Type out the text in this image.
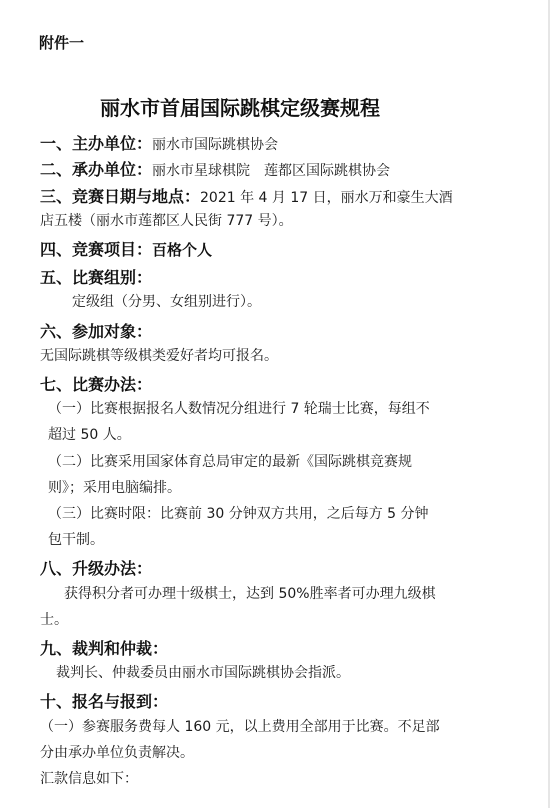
附件一
丽水市首届国际跳棋定级赛规程
一、主办单位：丽水市国际跳棋协会
二、承办单位：丽水市星球棋院　莲都区国际跳棋协会
三、竞赛日期与地点：2021 年 4 月 17 日，丽水万和豪生大酒
店五楼（丽水市莲都区人民街 777 号）。
四、竞赛项目：百格个人
五、比赛组别：
定级组（分男、女组别进行）。
六、参加对象：
无国际跳棋等级棋类爱好者均可报名。
七、比赛办法：
（一）比赛根据报名人数情况分组进行 7 轮瑞士比赛，每组不
超过 50 人。
（二）比赛采用国家体育总局审定的最新《国际跳棋竞赛规
则》；采用电脑编排。
（三）比赛时限：比赛前 30 分钟双方共用，之后每方 5 分钟
包干制。
八、升级办法：
获得积分者可办理十级棋士，达到 50%胜率者可办理九级棋
士。
九、裁判和仲裁：
裁判长、仲裁委员由丽水市国际跳棋协会指派。
十、报名与报到：
（一）参赛服务费每人 160 元，以上费用全部用于比赛。不足部
分由承办单位负责解决。
汇款信息如下：
